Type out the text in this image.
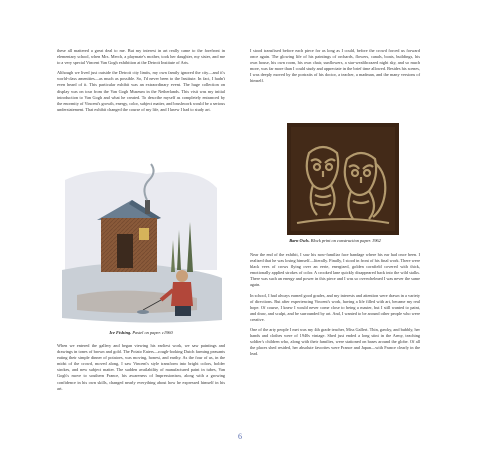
these all mattered a great deal to me. But my interest in art really came to the forefront in elementary school, when Mrs. Merch, a playmate's mother, took her daughter, my sister, and me to a very special Vincent Van Gogh exhibition at the Detroit Institute of Arts.

Although we lived just outside the Detroit city limits, my own family ignored the city—and it's world-class amenities—as much as possible. So, I'd never been to the Institute. In fact, I hadn't even heard of it. This particular exhibit was an extraordinary event. The huge collection on display was on tour from the Van Gogh Museum in the Netherlands. This visit was my initial introduction to Van Gogh and what he created. To describe myself as completely entranced by the enormity of Vincent's growth, energy, color, subject matter, and brushwork would be a serious understatement. That exhibit changed the course of my life, and I knew I had to study art.

Ice Fishing. Pastel on paper. c1960

When we entered the gallery and began viewing his earliest work, we saw paintings and drawings in tones of brown and gold. The Potato Eaters—rough-looking Dutch farming peasants eating their simple dinner of potatoes, was moving, honest, and earthy. As the four of us, in the midst of the crowd, moved along, I saw Vincent's style transform into bright colors, bolder strokes, and new subject matter. The sudden availability of manufactured paint in tubes, Van Gogh's move to southern France, his awareness of Impressionism, along with a growing confidence in his own skills, changed nearly everything about how he expressed himself in his art.

I stood transfixed before each piece for as long as I could, before the crowd forced us forward once again. The glowing life of his paintings of orchards, flowers, canals, boats, buildings, his own house, his own room, his own chair, sunflowers, a star-wealthcrazed night sky, and so much more, was far more than I could study and appreciate in the brief time allowed. Besides his scenes, I was deeply moved by the portraits of his doctor, a teacher, a madman, and the many versions of himself.

Barn Owls. Block print on construction paper. 1962

Near the end of the exhibit, I saw his now-familiar face bandage where his ear had once been. I realized that he was losing himself—literally. Finally, I stood in front of his final work. There were black vees of crows flying over an eerie, energized, golden cornfield covered with thick, emotionally applied strokes of color. A crooked lane quickly disappeared back into the wild stalks. There was such an energy and power in this piece and I was so overwhelmed I was never the same again.

In school, I had always earned good grades, and my interests and attention were drawn in a variety of directions. But after experiencing Vincent's work, having a life filled with art, became my real hope. Of course, I knew I would never come close to being a master, but I still wanted to paint, and draw, and sculpt, and be surrounded by art. And, I wanted to be around other people who were creative.

One of the arty people I met was my 4th grade teacher, Miss Gallert. Thin, gawky, and bubbly, her hands and clothes were of 1940s vintage. Shed just ended a long stint in the Army, teaching soldier's children who, along with their families, were stationed on bases around the globe. Of all the places shed resided, her absolute favorites were France and Japan—with France clearly in the lead.

6
